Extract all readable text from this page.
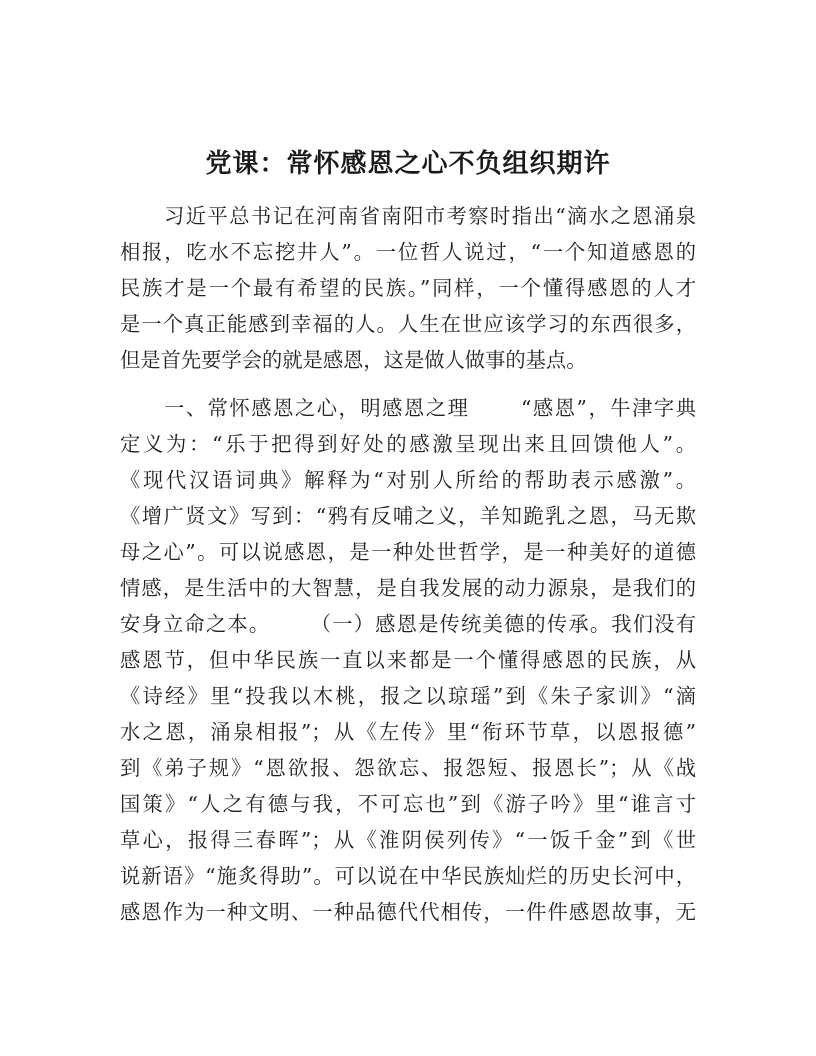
党课：常怀感恩之心不负组织期许
习近平总书记在河南省南阳市考察时指出“滴水之恩涌泉
相报，吃水不忘挖井人”。一位哲人说过，“一个知道感恩的
民族才是一个最有希望的民族。”同样，一个懂得感恩的人才
是一个真正能感到幸福的人。人生在世应该学习的东西很多，
但是首先要学会的就是感恩，这是做人做事的基点。
一、常怀感恩之心，明感恩之理　　 “感恩”，牛津字典
定义为：“乐于把得到好处的感激呈现出来且回馈他人”。
《现代汉语词典》解释为“对别人所给的帮助表示感激”。
《增广贤文》写到：“鸦有反哺之义，羊知跪乳之恩，马无欺
母之心”。可以说感恩，是一种处世哲学，是一种美好的道德
情感，是生活中的大智慧，是自我发展的动力源泉，是我们的
安身立命之本。　　 （一）感恩是传统美德的传承。我们没有
感恩节，但中华民族一直以来都是一个懂得感恩的民族，从
《诗经》里“投我以木桃，报之以琼瑶”到《朱子家训》“滴
水之恩，涌泉相报”；从《左传》里“衔环节草，以恩报德”
到《弟子规》“恩欲报、怨欲忘、报怨短、报恩长”；从《战
国策》“人之有德与我，不可忘也”到《游子吟》里“谁言寸
草心，报得三春晖”；从《淮阴侯列传》“一饭千金”到《世
说新语》“施炙得助”。可以说在中华民族灿烂的历史长河中，
感恩作为一种文明、一种品德代代相传，一件件感恩故事，无
